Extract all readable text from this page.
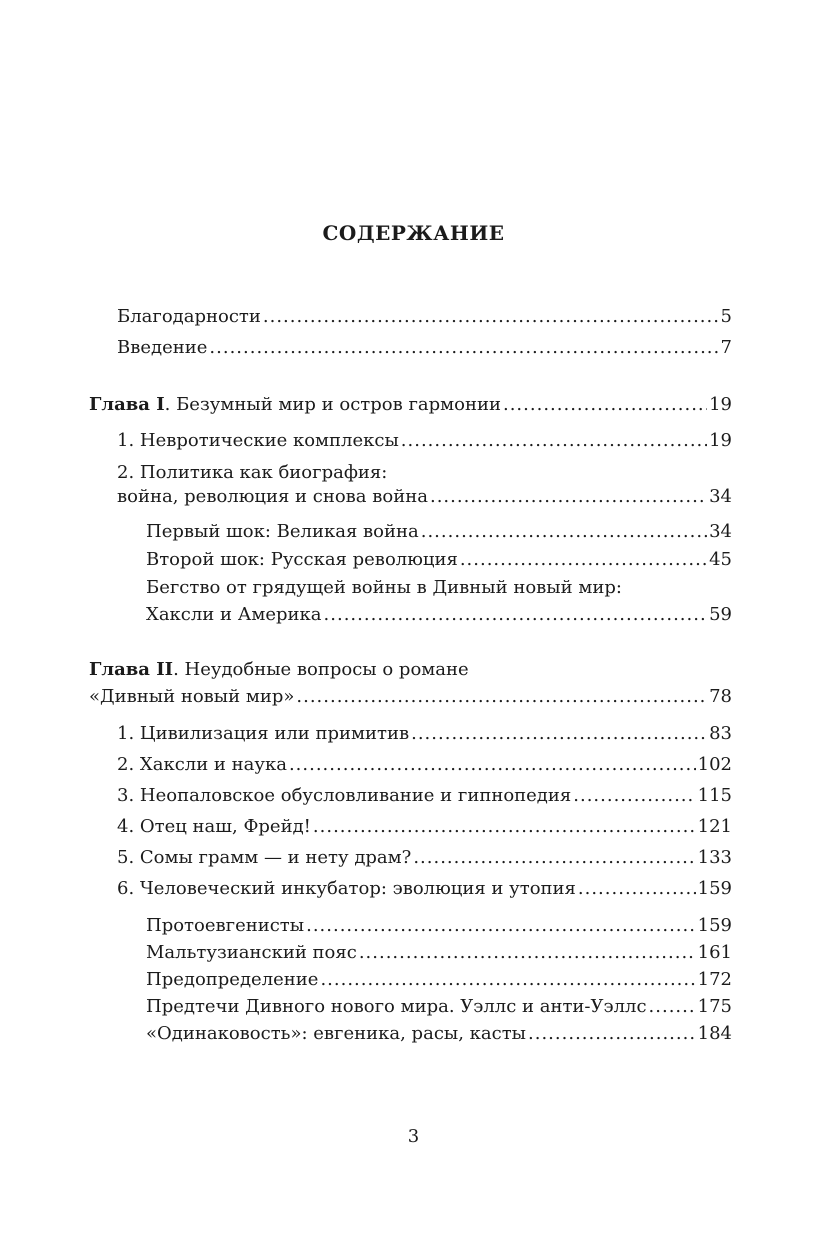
СОДЕРЖАНИЕ
Благодарности .....	5
Введение .....	7
Глава I. Безумный мир и остров гармонии .....	19
1. Невротические комплексы .....	19
2. Политика как биография:
война, революция и снова война .....	34
Первый шок: Великая война .....	34
Второй шок: Русская революция .....	45
Бегство от грядущей войны в Дивный новый мир:
Хаксли и Америка .....	59
Глава II. Неудобные вопросы о романе
«Дивный новый мир» .....	78
1. Цивилизация или примитив .....	83
2. Хаксли и наука .....	102
3. Неопаловское обусловливание и гипнопедия .....	115
4. Отец наш, Фрейд! .....	121
5. Сомы грамм — и нету драм? .....	133
6. Человеческий инкубатор: эволюция и утопия .....	159
Протоевгенисты .....	159
Мальтузианский пояс .....	161
Предопределение .....	172
Предтечи Дивного нового мира. Уэллс и анти-Уэллс .....	175
«Одинаковость»: евгеника, расы, касты .....	184
3
